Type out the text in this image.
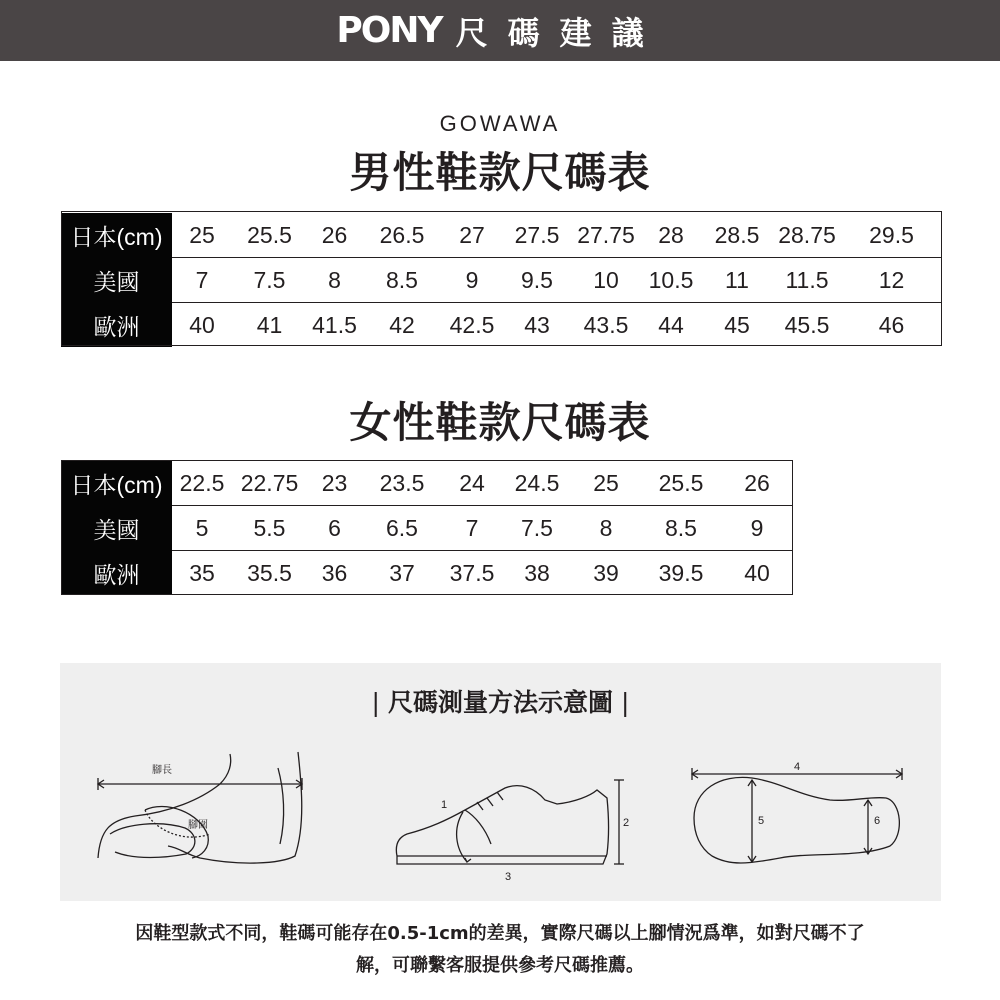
PONY 尺碼建議
GOWAWA
男性鞋款尺碼表
日本(cm)	25	25.5	26	26.5	27	27.5	27.75	28	28.5	28.75	29.5
美國	7	7.5	8	8.5	9	9.5	10	10.5	11	11.5	12
歐洲	40	41	41.5	42	42.5	43	43.5	44	45	45.5	46
女性鞋款尺碼表
日本(cm)	22.5	22.75	23	23.5	24	24.5	25	25.5	26
美國	5	5.5	6	6.5	7	7.5	8	8.5	9
歐洲	35	35.5	36	37	37.5	38	39	39.5	40
| 尺碼測量方法示意圖 |
腳長
腳圍
1
2
3
4
5	6
因鞋型款式不同，鞋碼可能存在0.5-1cm的差異，實際尺碼以上腳情況爲準，如對尺碼不了
解，可聯繫客服提供參考尺碼推薦。
